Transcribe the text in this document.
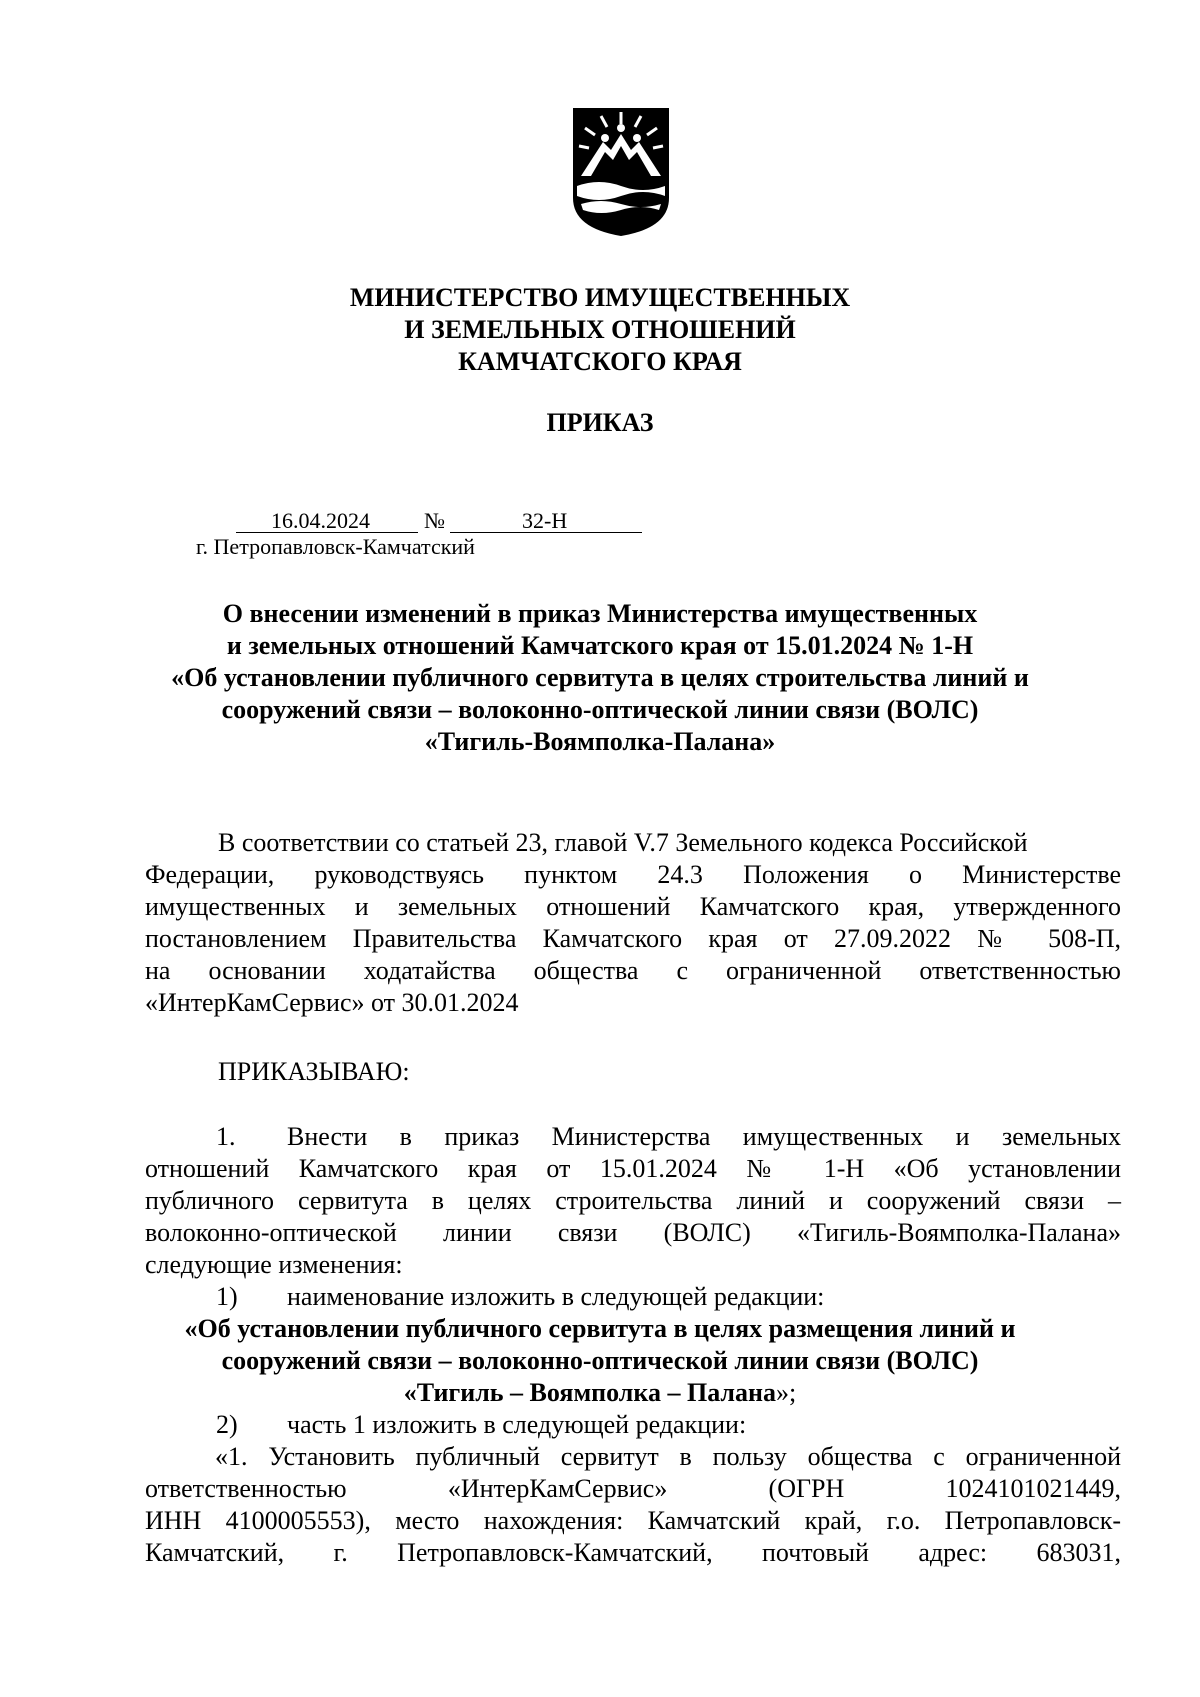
МИНИСТЕРСТВО ИМУЩЕСТВЕННЫХ
И ЗЕМЕЛЬНЫХ ОТНОШЕНИЙ
КАМЧАТСКОГО КРАЯ
ПРИКАЗ
16.04.2024 №	32-Н
г. Петропавловск-Камчатский
О внесении изменений в приказ Министерства имущественных
и земельных отношений Камчатского края от 15.01.2024 № 1-Н
«Об установлении публичного сервитута в целях строительства линий и
сооружений связи – волоконно-оптической линии связи (ВОЛС)
«Тигиль-Воямполка-Палана»
В соответствии со статьей 23, главой V.7 Земельного кодекса Российской
Федерации, руководствуясь пунктом 24.3 Положения о Министерстве
имущественных и земельных отношений Камчатского края, утвержденного
постановлением Правительства Камчатского края от 27.09.2022 № 508-П,
на основании ходатайства общества с ограниченной ответственностью
«ИнтерКамСервис» от 30.01.2024
ПРИКАЗЫВАЮ:
1. Внести в приказ Министерства имущественных и земельных
отношений Камчатского края от 15.01.2024 № 1-Н «Об установлении
публичного сервитута в целях строительства линий и сооружений связи –
волоконно-оптической линии связи (ВОЛС) «Тигиль-Воямполка-Палана»
следующие изменения:
1) наименование изложить в следующей редакции:
«Об установлении публичного сервитута в целях размещения линий и
сооружений связи – волоконно-оптической линии связи (ВОЛС)
«Тигиль – Воямполка – Палана»;
2) часть 1 изложить в следующей редакции:
«1. Установить публичный сервитут в пользу общества с ограниченной
ответственностью «ИнтерКамСервис» (ОГРН 1024101021449,
ИНН 4100005553), место нахождения: Камчатский край, г.о. Петропавловск-
Камчатский, г. Петропавловск-Камчатский, почтовый адрес: 683031,
